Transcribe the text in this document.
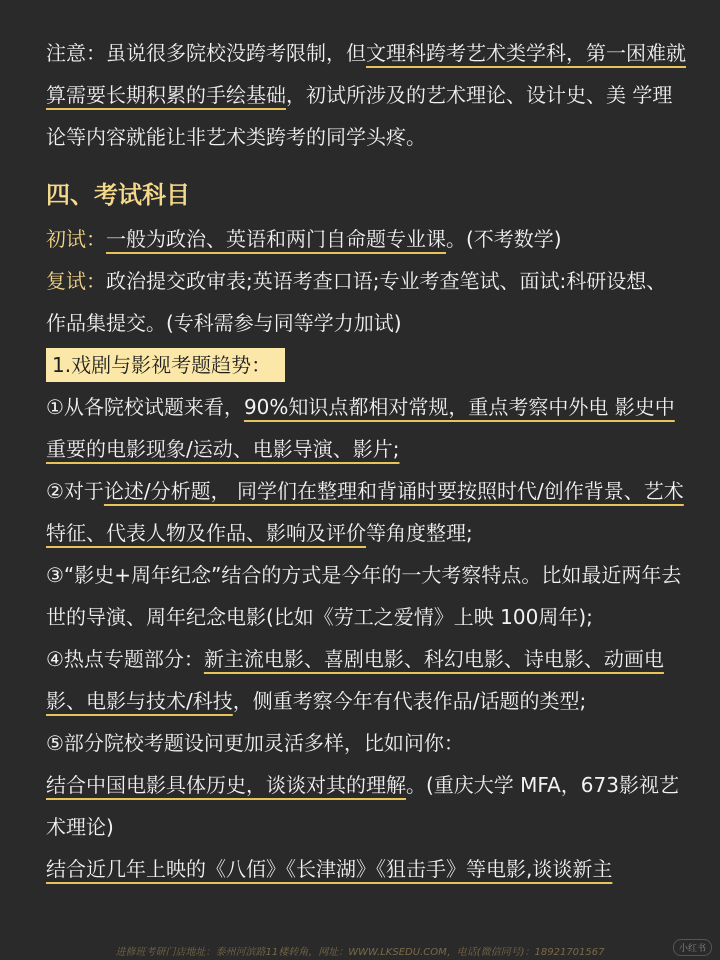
注意：虽说很多院校没跨考限制，但文理科跨考艺术类学科，第一困难就算需要长期积累的手绘基础，初试所涉及的艺术理论、设计史、美 学理论等内容就能让非艺术类跨考的同学头疼。

四、考试科目

初试：一般为政治、英语和两门自命题专业课。(不考数学)

复试：政治提交政审表;英语考查口语;专业考查笔试、面试:科研设想、作品集提交。(专科需参与同等学力加试)

1.戏剧与影视考题趋势：

①从各院校试题来看，90%知识点都相对常规，重点考察中外电 影史中重要的电影现象/运动、电影导演、影片;

②对于论述/分析题， 同学们在整理和背诵时要按照时代/创作背景、艺术特征、代表人物及作品、影响及评价等角度整理;

③“影史+周年纪念”结合的方式是今年的一大考察特点。比如最近两年去世的导演、周年纪念电影(比如《劳工之爱情》上映 100周年);

④热点专题部分：新主流电影、喜剧电影、科幻电影、诗电影、动画电影、电影与技术/科技，侧重考察今年有代表作品/话题的类型;

⑤部分院校考题设问更加灵活多样，比如问你：

结合中国电影具体历史，谈谈对其的理解。(重庆大学 MFA，673影视艺术理论)

结合近几年上映的《八佰》《长津湖》《狙击手》等电影,谈谈新主

进修班考研门店地址：泰州河滨路11楼转角，网址：WWW.LKSEDU.COM，电话(微信同号)：18921701567	小红书
